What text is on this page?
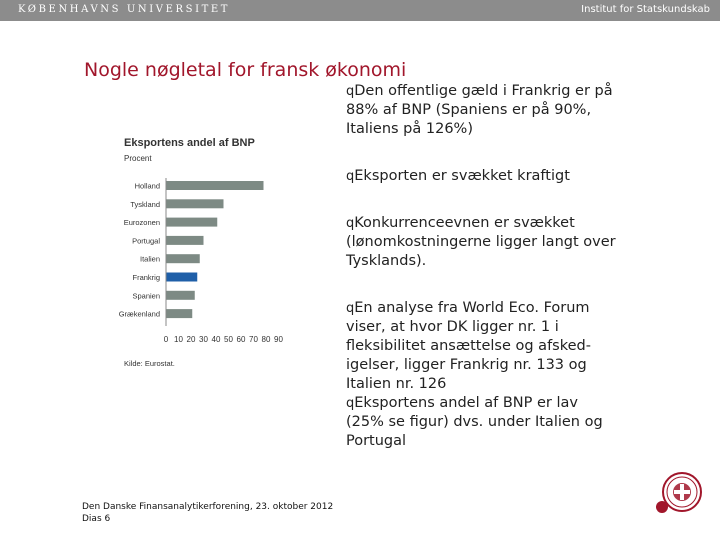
KØBENHAVNS UNIVERSITET	Institut for Statskundskab
Nogle nøgletal for fransk økonomi

qDen offentlige gæld i Frankrig er på 88% af BNP (Spaniens er på 90%, Italiens på 126%)

qEksporten er svækket kraftigt

qKonkurrenceevnen er svækket (lønomkostningerne ligger langt over Tysklands).

qEn analyse fra World Eco. Forum viser, at hvor DK ligger nr. 1 i fleksibilitet ansættelse og afsked- igelser, ligger Frankrig nr. 133 og Italien nr. 126

qEksportens andel af BNP er lav (25% se figur) dvs. under Italien og Portugal

Eksportens andel af BNP
Procent
Holland
Tyskland
Eurozonen
Portugal
Italien
Frankrig
Spanien
Grækenland
0 10 20 30 40 50 60 70 80 90
Kilde: Eurostat.
Den Danske Finansanalytikerforening, 23. oktober 2012
Dias 6
